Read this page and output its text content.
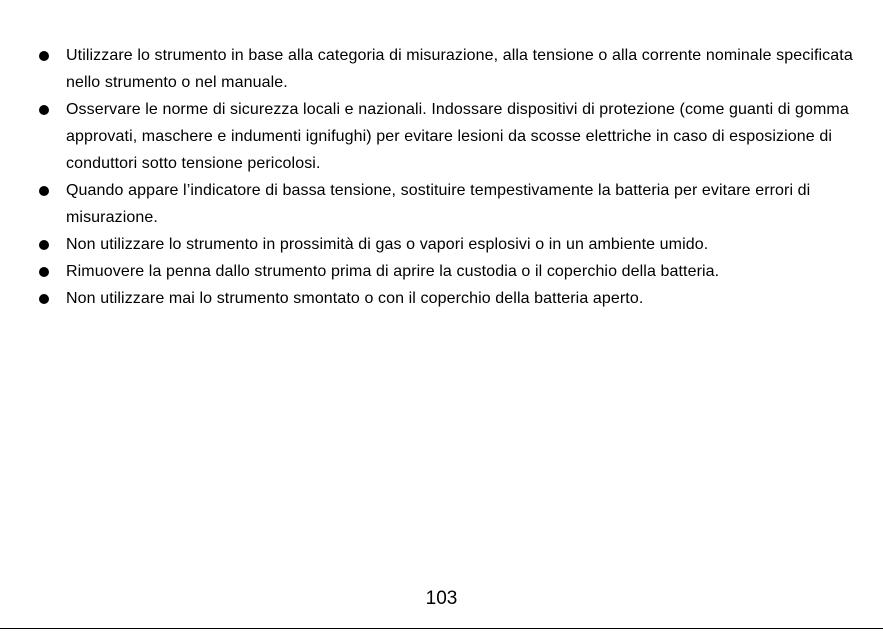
Utilizzare lo strumento in base alla categoria di misurazione, alla tensione o alla corrente nominale specificata nello strumento o nel manuale.
Osservare le norme di sicurezza locali e nazionali. Indossare dispositivi di protezione (come guanti di gomma approvati, maschere e indumenti ignifughi) per evitare lesioni da scosse elettriche in caso di esposizione di conduttori sotto tensione pericolosi.
Quando appare l’indicatore di bassa tensione, sostituire tempestivamente la batteria per evitare errori di misurazione.
Non utilizzare lo strumento in prossimità di gas o vapori esplosivi o in un ambiente umido.
Rimuovere la penna dallo strumento prima di aprire la custodia o il coperchio della batteria.
Non utilizzare mai lo strumento smontato o con il coperchio della batteria aperto.
103
